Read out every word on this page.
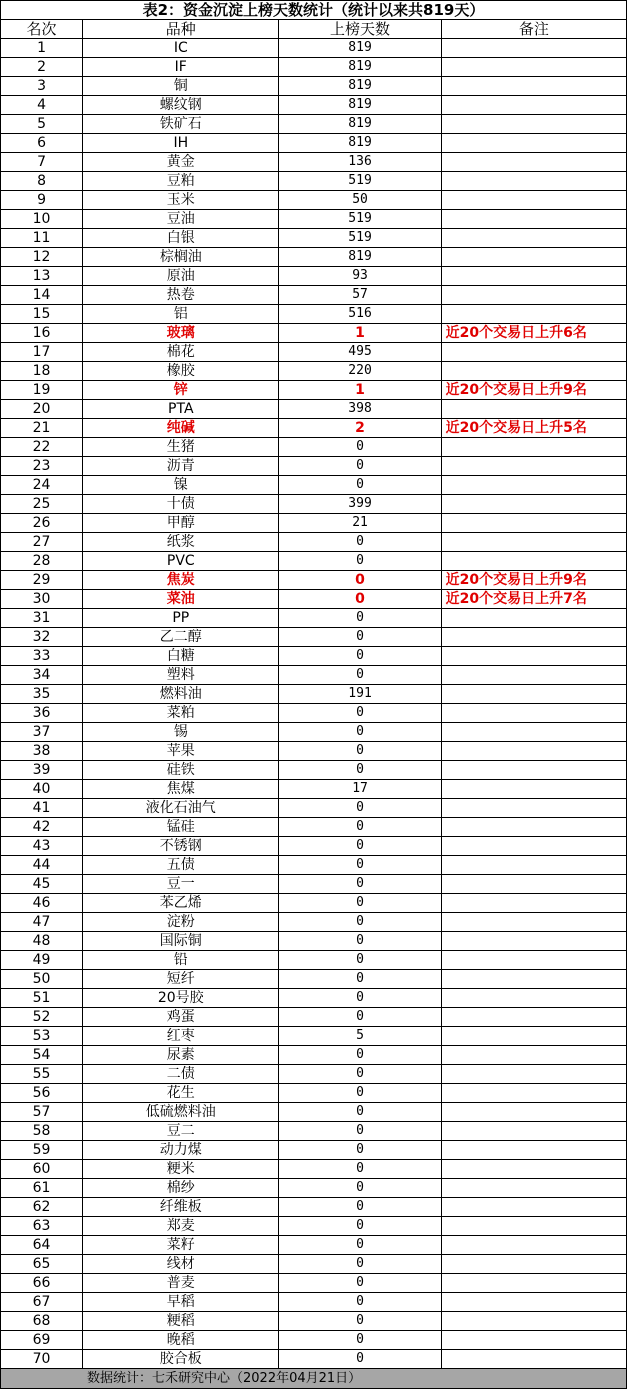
表2：资金沉淀上榜天数统计（统计以来共819天）			
名次	品种	上榜天数	备注
1	IC	819	
2	IF	819	
3	铜	819	
4	螺纹钢	819	
5	铁矿石	819	
6	IH	819	
7	黄金	136	
8	豆粕	519	
9	玉米	50	
10	豆油	519	
11	白银	519	
12	棕榈油	819	
13	原油	93	
14	热卷	57	
15	铝	516	
16	玻璃	1	近20个交易日上升6名
17	棉花	495	
18	橡胶	220	
19	锌	1	近20个交易日上升9名
20	PTA	398	
21	纯碱	2	近20个交易日上升5名
22	生猪	0	
23	沥青	0	
24	镍	0	
25	十债	399	
26	甲醇	21	
27	纸浆	0	
28	PVC	0	
29	焦炭	0	近20个交易日上升9名
30	菜油	0	近20个交易日上升7名
31	PP	0	
32	乙二醇	0	
33	白糖	0	
34	塑料	0	
35	燃料油	191	
36	菜粕	0	
37	锡	0	
38	苹果	0	
39	硅铁	0	
40	焦煤	17	
41	液化石油气	0	
42	锰硅	0	
43	不锈钢	0	
44	五债	0	
45	豆一	0	
46	苯乙烯	0	
47	淀粉	0	
48	国际铜	0	
49	铅	0	
50	短纤	0	
51	20号胶	0	
52	鸡蛋	0	
53	红枣	5	
54	尿素	0	
55	二债	0	
56	花生	0	
57	低硫燃料油	0	
58	豆二	0	
59	动力煤	0	
60	粳米	0	
61	棉纱	0	
62	纤维板	0	
63	郑麦	0	
64	菜籽	0	
65	线材	0	
66	普麦	0	
67	早稻	0	
68	粳稻	0	
69	晚稻	0	
70	胶合板	0	
数据统计：七禾研究中心（2022年04月21日）			
